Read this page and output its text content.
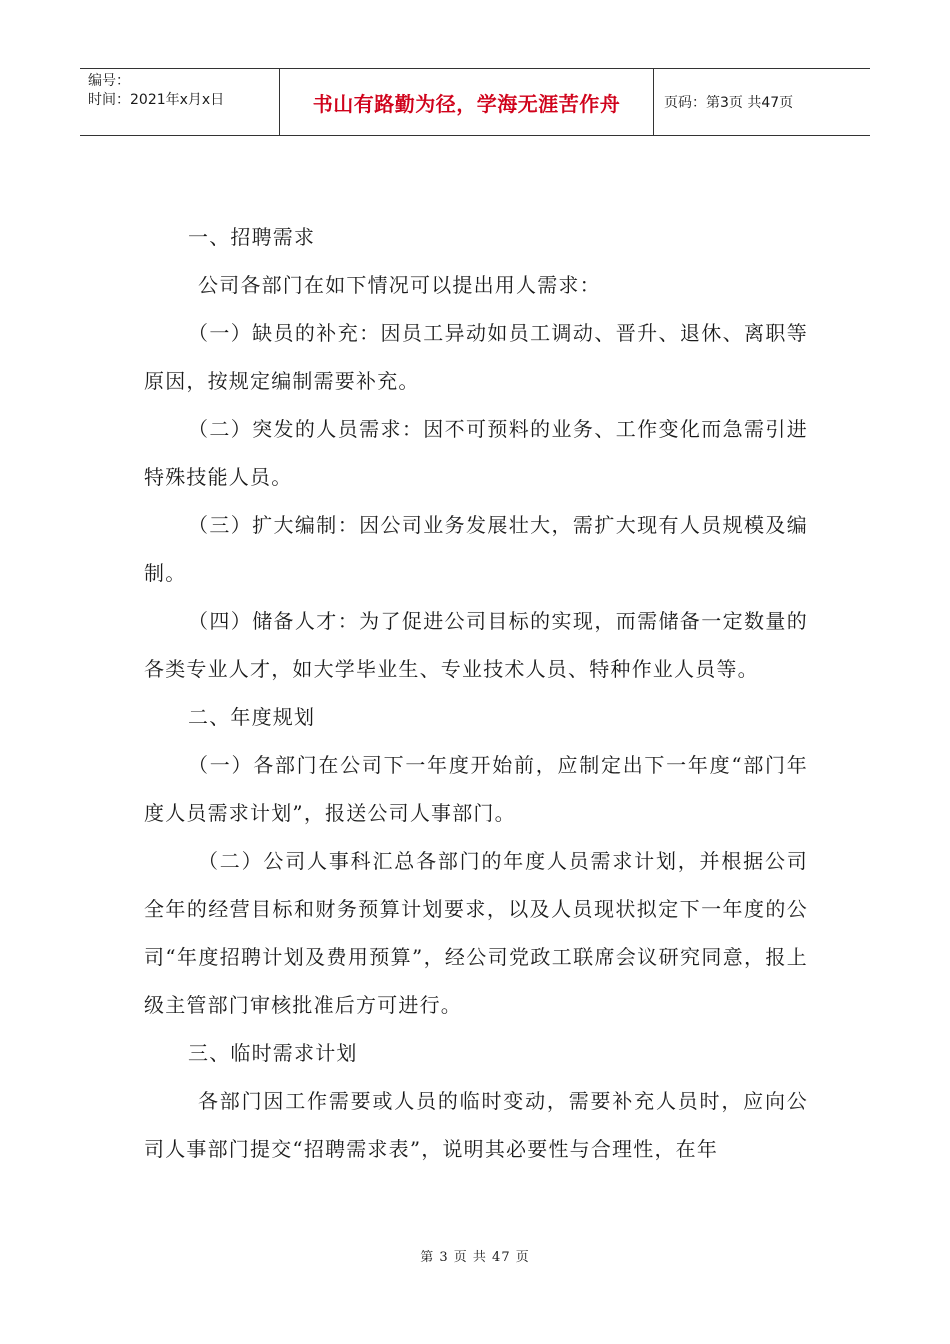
编号：
时间：2021年x月x日	书山有路勤为径，学海无涯苦作舟	页码：第3页 共47页

一、招聘需求

公司各部门在如下情况可以提出用人需求：

（一）缺员的补充：因员工异动如员工调动、晋升、退休、离职等原因，按规定编制需要补充。

（二）突发的人员需求：因不可预料的业务、工作变化而急需引进特殊技能人员。

（三）扩大编制：因公司业务发展壮大，需扩大现有人员规模及编制。

（四）储备人才：为了促进公司目标的实现，而需储备一定数量的各类专业人才，如大学毕业生、专业技术人员、特种作业人员等。

二、年度规划

（一）各部门在公司下一年度开始前，应制定出下一年度“部门年度人员需求计划”，报送公司人事部门。

（二）公司人事科汇总各部门的年度人员需求计划，并根据公司全年的经营目标和财务预算计划要求，以及人员现状拟定下一年度的公司“年度招聘计划及费用预算”，经公司党政工联席会议研究同意，报上级主管部门审核批准后方可进行。

三、临时需求计划

各部门因工作需要或人员的临时变动，需要补充人员时，应向公司人事部门提交“招聘需求表”，说明其必要性与合理性，在年

第 3 页 共 47 页
